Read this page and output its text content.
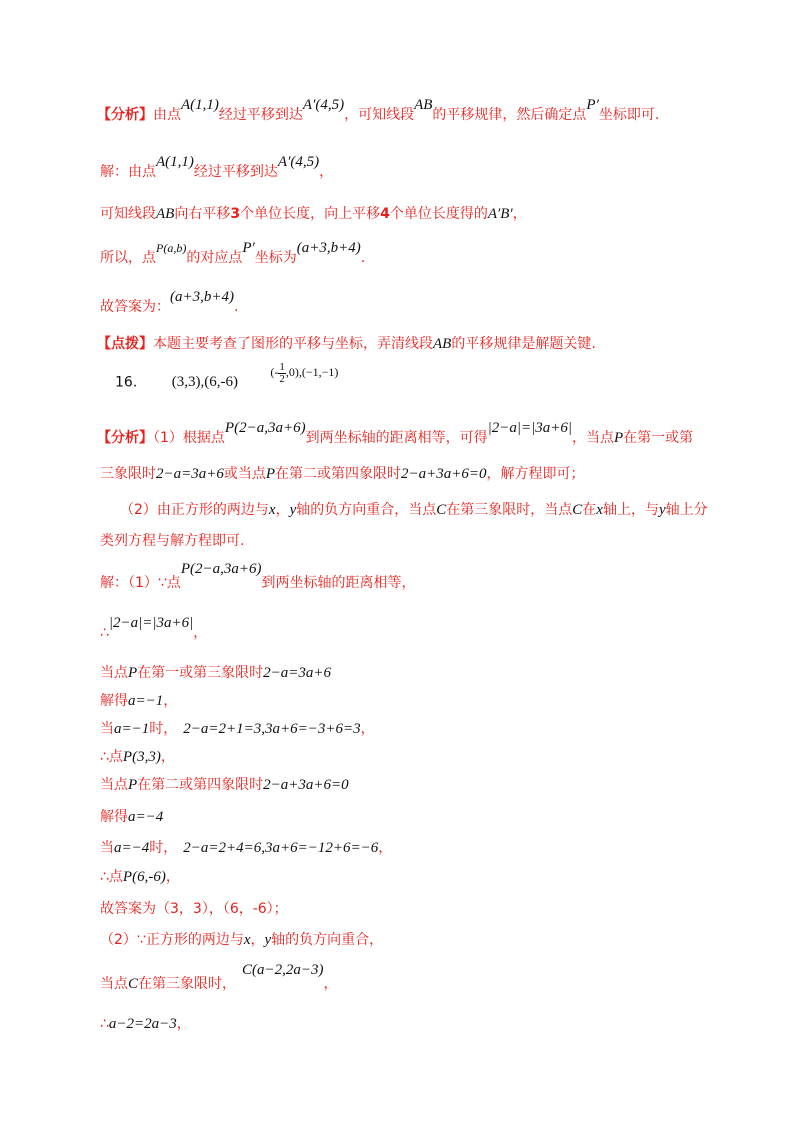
【分析】由点A(1,1)经过平移到达A′(4,5)，可知线段AB的平移规律，然后确定点P′坐标即可.
解：由点A(1,1)经过平移到达A′(4,5)，
可知线段AB向右平移3个单位长度，向上平移4个单位长度得的A′B′，
所以，点P(a,b)的对应点P′坐标为(a+3,b+4).
故答案为：(a+3,b+4).
【点拨】本题主要考查了图形的平移与坐标，弄清线段AB的平移规律是解题关键.
16. (3,3),(6,-6) (- $\frac{1}{2} ,0),(-1,-1)$
【分析】（1）根据点P(2−a,3a+6)到两坐标轴的距离相等，可得|2−a|=|3a+6|，当点P在第一或第
三象限时2−a=3a+6或当点P在第二或第四象限时2−a+3a+6=0，解方程即可；
（2）由正方形的两边与x，y轴的负方向重合，当点C在第三象限时，当点C在x轴上，与y轴上分
类列方程与解方程即可.
解：（1）∵点P(2−a,3a+6)到两坐标轴的距离相等，
∴|2−a|=|3a+6|，
当点P在第一或第三象限时2−a=3a+6
解得a=−1，
当a=−1时， 2−a=2+1=3,3a+6=−3+6=3，
∴点P(3,3)，
当点P在第二或第四象限时2−a+3a+6=0
解得a=−4
当a=−4时， 2−a=2+4=6,3a+6=−12+6=−6，
∴点P(6,-6)，
故答案为（3，3），（6，-6）；
（2）∵正方形的两边与x，y轴的负方向重合，
当点C在第三象限时，C(a−2,2a−3)，
∴a−2=2a−3，
